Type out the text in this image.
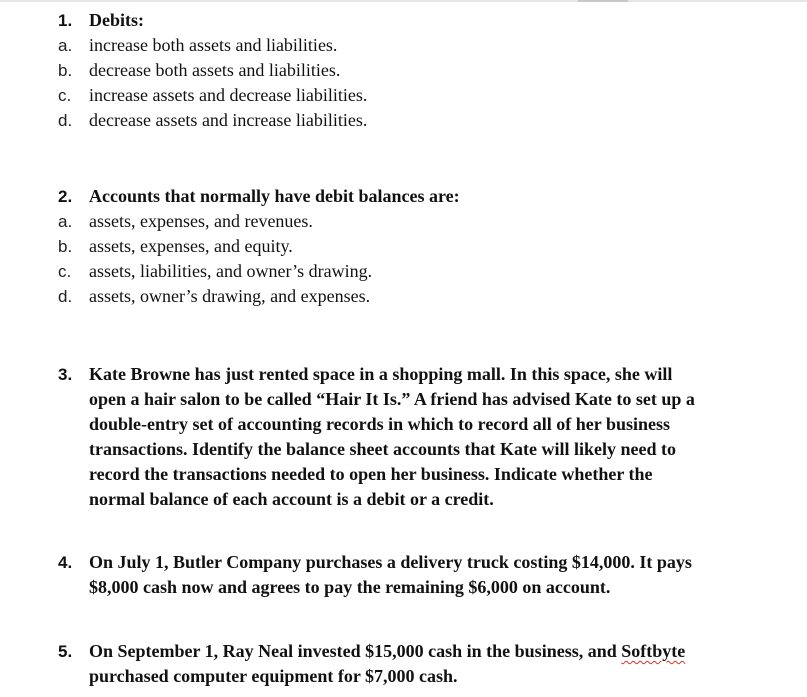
1. Debits:
a. increase both assets and liabilities.
b. decrease both assets and liabilities.
c. increase assets and decrease liabilities.
d. decrease assets and increase liabilities.
2. Accounts that normally have debit balances are:
a. assets, expenses, and revenues.
b. assets, expenses, and equity.
c. assets, liabilities, and owner’s drawing.
d. assets, owner’s drawing, and expenses.
3. Kate Browne has just rented space in a shopping mall. In this space, she will
open a hair salon to be called “Hair It Is.” A friend has advised Kate to set up a
double-entry set of accounting records in which to record all of her business
transactions. Identify the balance sheet accounts that Kate will likely need to
record the transactions needed to open her business. Indicate whether the
normal balance of each account is a debit or a credit.
4. On July 1, Butler Company purchases a delivery truck costing $14,000. It pays
$8,000 cash now and agrees to pay the remaining $6,000 on account.
5. On September 1, Ray Neal invested $15,000 cash in the business, and Softbyte
purchased computer equipment for $7,000 cash.
